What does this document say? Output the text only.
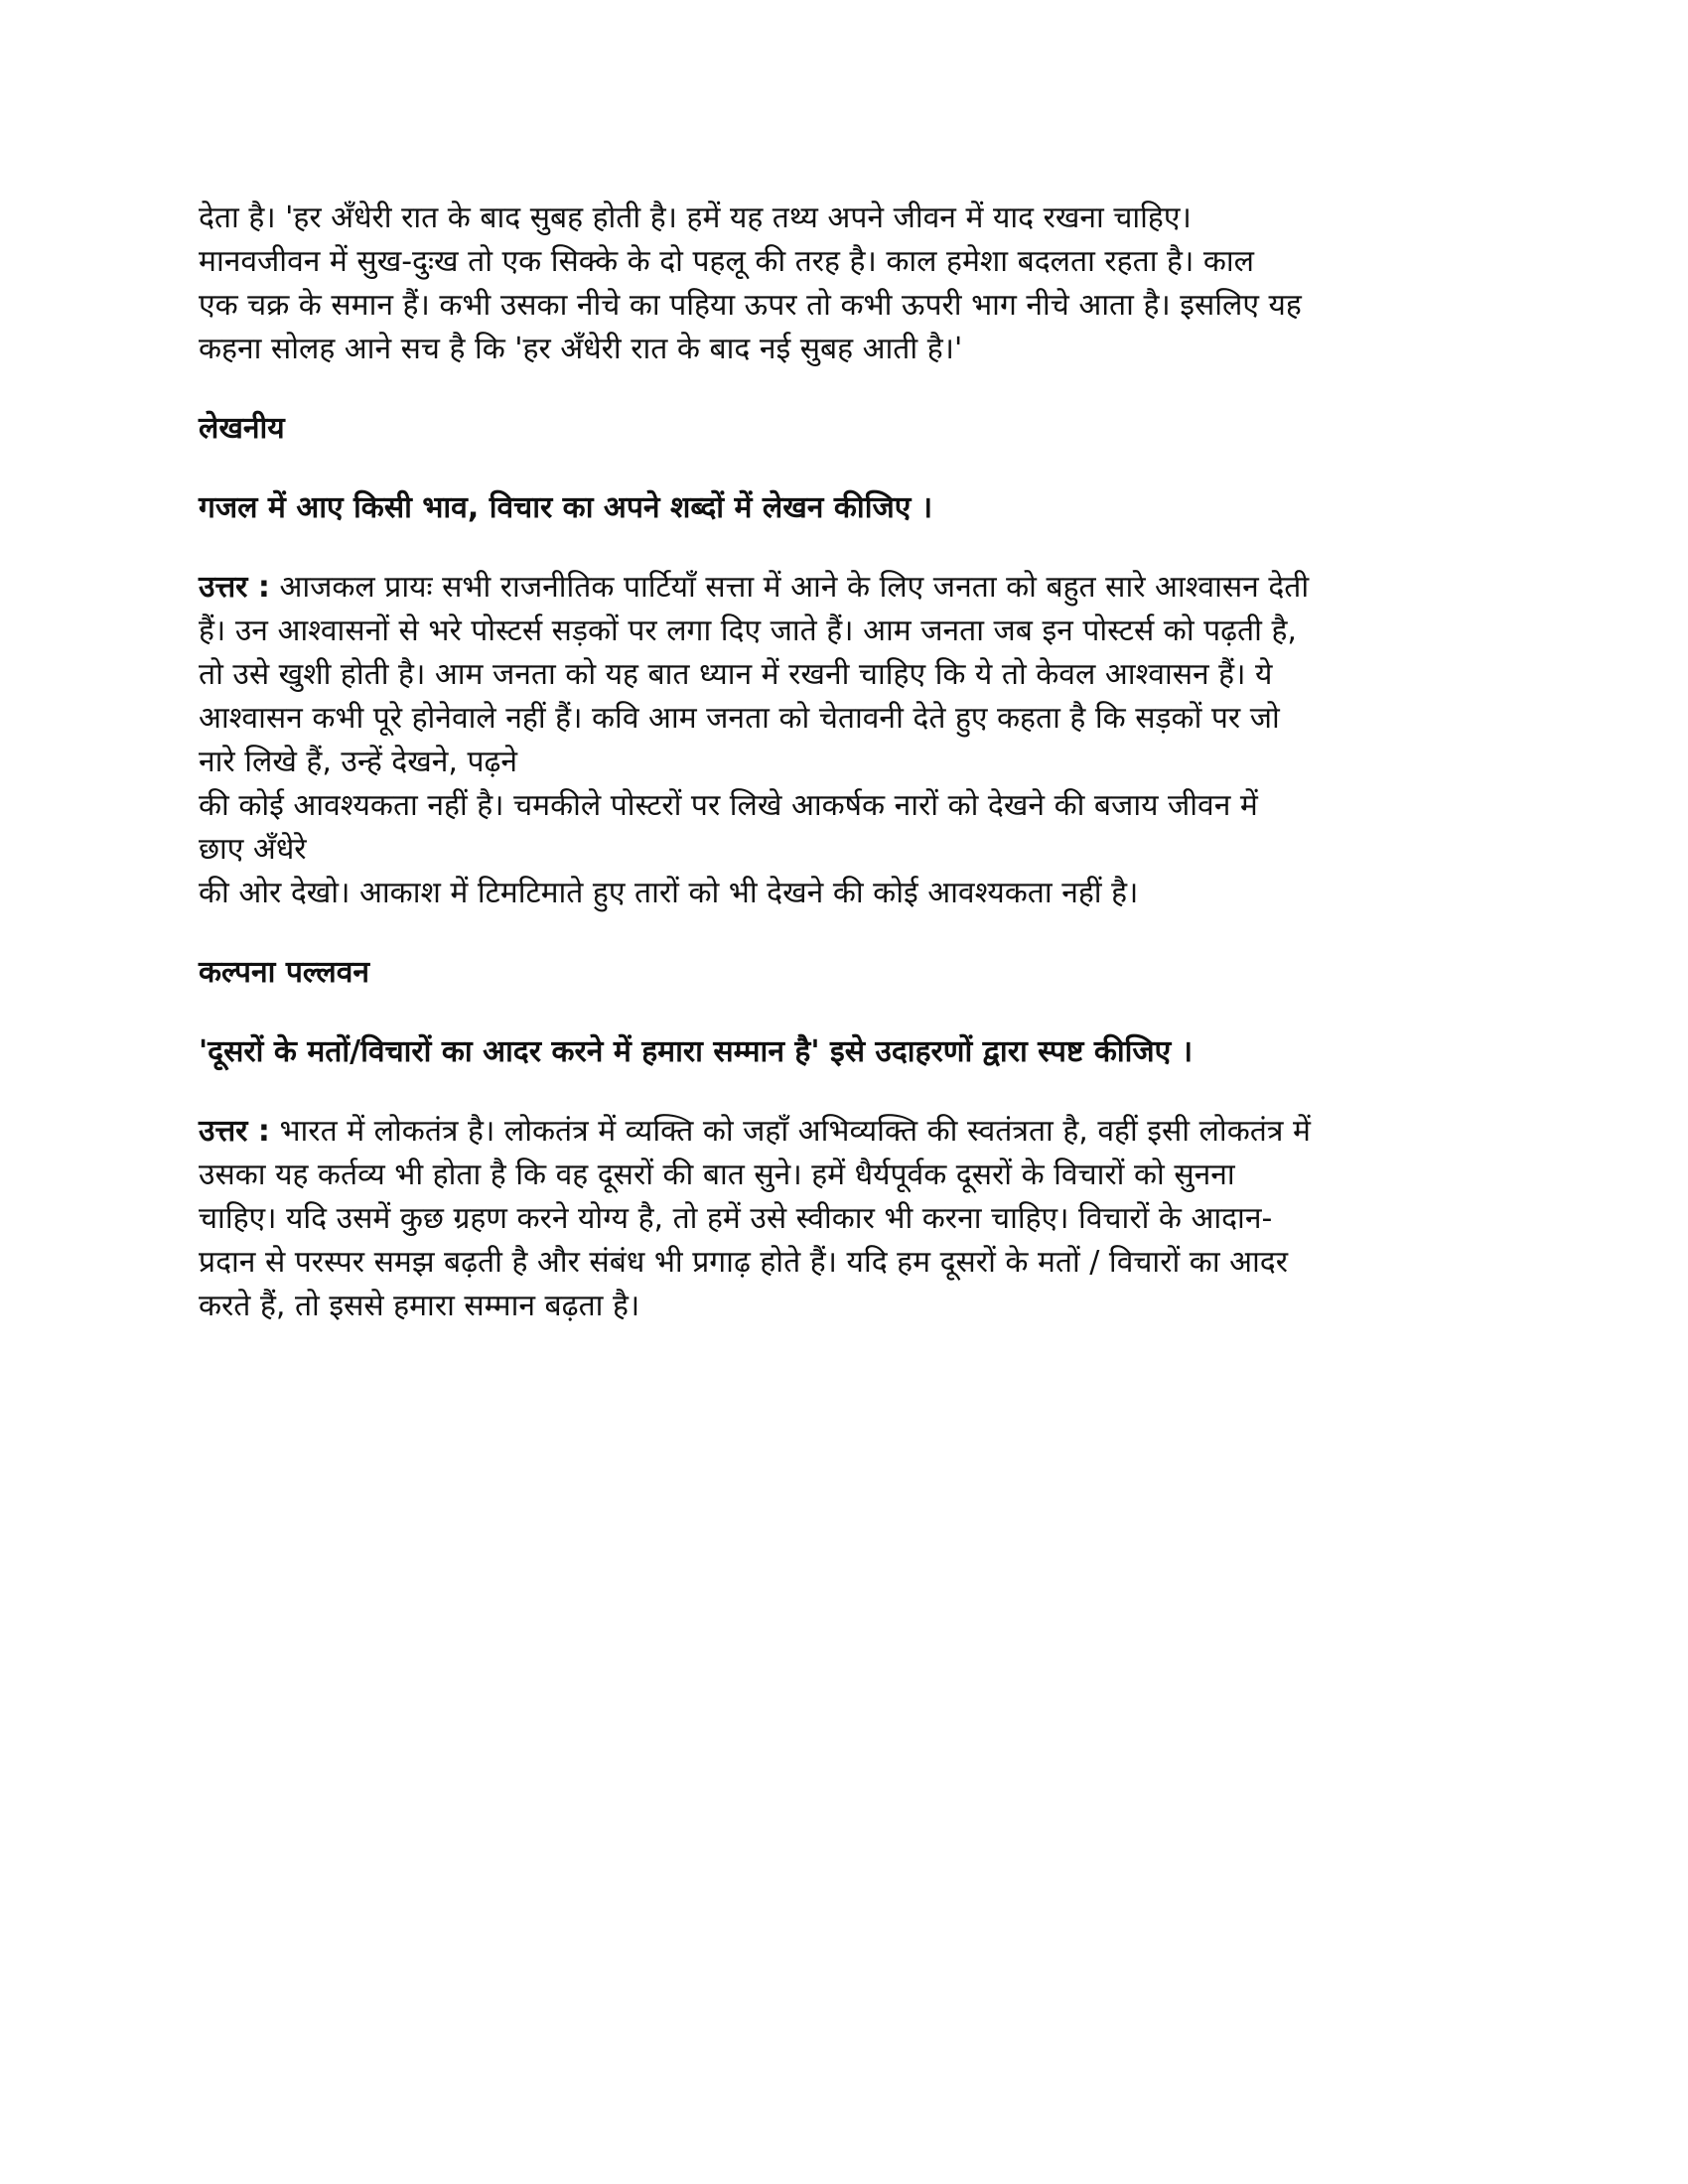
देता है। 'हर अँधेरी रात के बाद सुबह होती है। हमें यह तथ्य अपने जीवन में याद रखना चाहिए।
मानवजीवन में सुख-दुःख तो एक सिक्के के दो पहलू की तरह है। काल हमेशा बदलता रहता है। काल
एक चक्र के समान हैं। कभी उसका नीचे का पहिया ऊपर तो कभी ऊपरी भाग नीचे आता है। इसलिए यह
कहना सोलह आने सच है कि 'हर अँधेरी रात के बाद नई सुबह आती है।'
लेखनीय
गजल में आए किसी भाव, विचार का अपने शब्दों में लेखन कीजिए ।
उत्तर : आजकल प्रायः सभी राजनीतिक पार्टियाँ सत्ता में आने के लिए जनता को बहुत सारे आश्वासन देती
हैं। उन आश्वासनों से भरे पोस्टर्स सड़कों पर लगा दिए जाते हैं। आम जनता जब इन पोस्टर्स को पढ़ती है,
तो उसे खुशी होती है। आम जनता को यह बात ध्यान में रखनी चाहिए कि ये तो केवल आश्वासन हैं। ये
आश्वासन कभी पूरे होनेवाले नहीं हैं। कवि आम जनता को चेतावनी देते हुए कहता है कि सड़कों पर जो
नारे लिखे हैं, उन्हें देखने, पढ़ने
की कोई आवश्यकता नहीं है। चमकीले पोस्टरों पर लिखे आकर्षक नारों को देखने की बजाय जीवन में
छाए अँधेरे
की ओर देखो। आकाश में टिमटिमाते हुए तारों को भी देखने की कोई आवश्यकता नहीं है।
कल्पना पल्लवन
'दूसरों के मतों/विचारों का आदर करने में हमारा सम्मान है' इसे उदाहरणों द्वारा स्पष्ट कीजिए ।
उत्तर : भारत में लोकतंत्र है। लोकतंत्र में व्यक्ति को जहाँ अभिव्यक्ति की स्वतंत्रता है, वहीं इसी लोकतंत्र में
उसका यह कर्तव्य भी होता है कि वह दूसरों की बात सुने। हमें धैर्यपूर्वक दूसरों के विचारों को सुनना
चाहिए। यदि उसमें कुछ ग्रहण करने योग्य है, तो हमें उसे स्वीकार भी करना चाहिए। विचारों के आदान-
प्रदान से परस्पर समझ बढ़ती है और संबंध भी प्रगाढ़ होते हैं। यदि हम दूसरों के मतों / विचारों का आदर
करते हैं, तो इससे हमारा सम्मान बढ़ता है।
